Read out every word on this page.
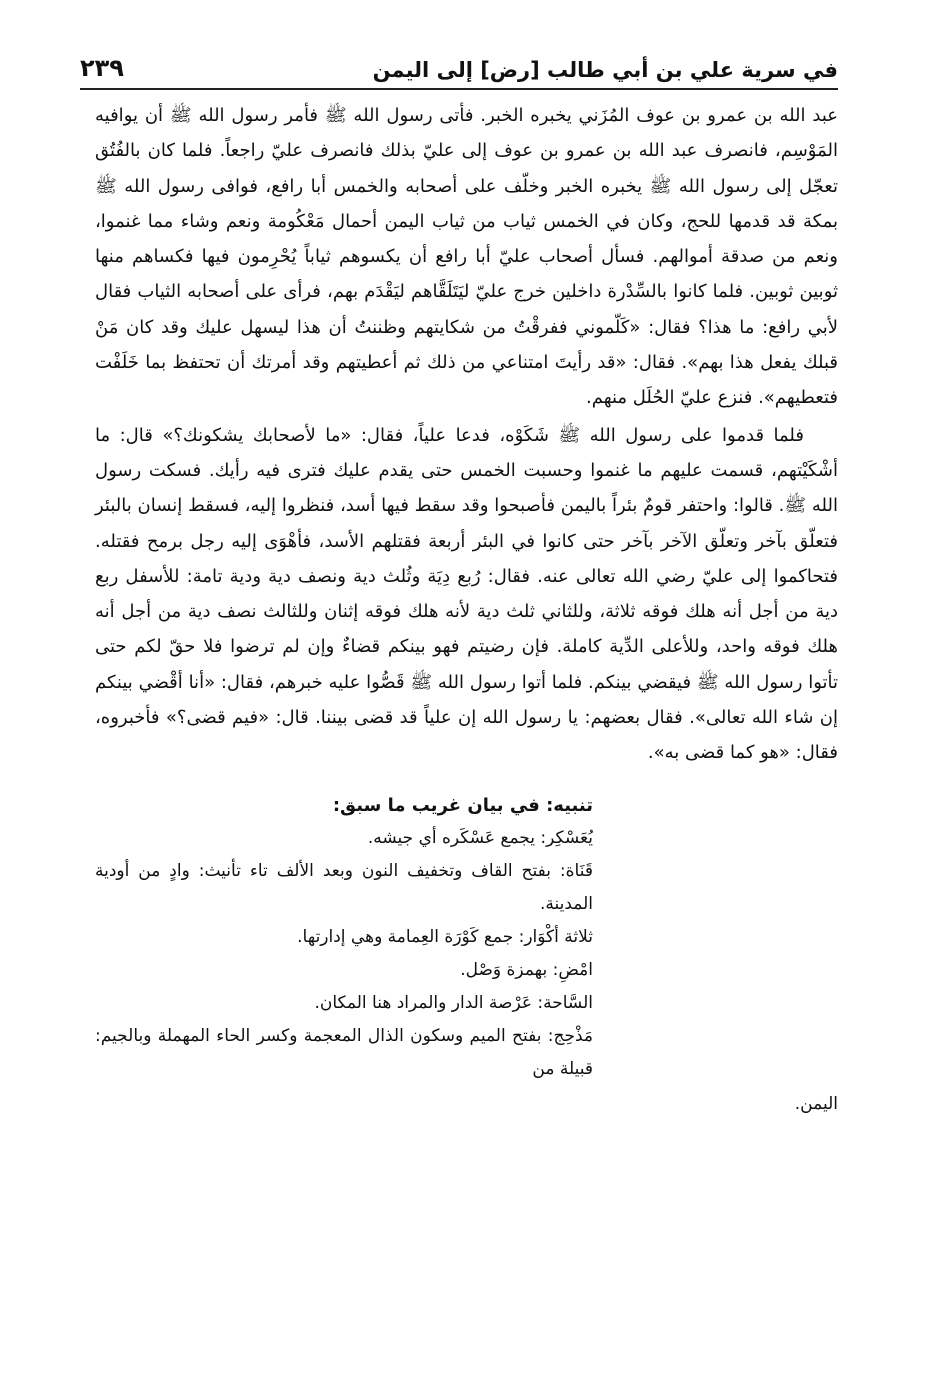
في سرية علي بن أبي طالب [رض] إلى اليمن
٢٣٩

عبد الله بن عمرو بن عوف المُزَني يخبره الخبر. فأتى رسول الله ﷺ فأمر رسول الله ﷺ أن يوافيه المَوْسِم، فانصرف عبد الله بن عمرو بن عوف إلى عليّ بذلك فانصرف عليّ راجعاً. فلما كان بالفُتُق تعجّل إلى رسول الله ﷺ يخبره الخبر وخلّف على أصحابه والخمس أبا رافع، فوافى رسول الله ﷺ بمكة قد قدمها للحج، وكان في الخمس ثياب من ثياب اليمن أحمال مَعْكُومة ونعم وشاء مما غنموا، ونعم من صدقة أموالهم. فسأل أصحاب عليّ أبا رافع أن يكسوهم ثياباً يُحْرِمون فيها فكساهم منها ثوبين ثوبين. فلما كانوا بالسِّدْرة داخلين خرج عليّ ليَتَلَقَّاهم ليَقْدَم بهم، فرأى على أصحابه الثياب فقال لأبي رافع: ما هذا؟ فقال: «كَلّموني ففرقْتُ من شكايتهم وظننتُ أن هذا ليسهل عليك وقد كان مَنْ قبلك يفعل هذا بهم». فقال: «قد رأيتَ امتناعي من ذلك ثم أعطيتهم وقد أمرتك أن تحتفظ بما خَلَفْت فتعطيهم». فنزع عليّ الحُلَل منهم.

فلما قدموا على رسول الله ﷺ شَكَوْه، فدعا علياً، فقال: «ما لأصحابك يشكونك؟» قال: ما أشْكَيْتهم، قسمت عليهم ما غنموا وحسبت الخمس حتى يقدم عليك فترى فيه رأيك. فسكت رسول الله ﷺ. قالوا: واحتفر قومٌ بئراً باليمن فأصبحوا وقد سقط فيها أسد، فنظروا إليه، فسقط إنسان بالبئر فتعلّق بآخر وتعلّق الآخر بآخر حتى كانوا في البئر أربعة فقتلهم الأسد، فأهْوَى إليه رجل برمح فقتله. فتحاكموا إلى عليّ رضي الله تعالى عنه. فقال: رُبع دِيَة وثُلث دية ونصف دية ودية تامة: للأسفل ربع دية من أجل أنه هلك فوقه ثلاثة، وللثاني ثلث دية لأنه هلك فوقه إثنان وللثالث نصف دية من أجل أنه هلك فوقه واحد، وللأعلى الدِّية كاملة. فإن رضيتم فهو بينكم قضاءٌ وإن لم ترضوا فلا حقّ لكم حتى تأتوا رسول الله ﷺ فيقضي بينكم. فلما أتوا رسول الله ﷺ قَصُّوا عليه خبرهم، فقال: «أنا أقْضي بينكم إن شاء الله تعالى». فقال بعضهم: يا رسول الله إن علياً قد قضى بيننا. قال: «فيم قضى؟» فأخبروه، فقال: «هو كما قضى به».

تنبيه: في بيان غريب ما سبق:

يُعَسْكِر: يجمع عَسْكَره أي جيشه.

قَنَاة: بفتح القاف وتخفيف النون وبعد الألف تاء تأنيث: وادٍ من أودية المدينة.

ثلاثة أكْوَار: جمع كَوْرَة العِمامة وهي إدارتها.

امْضِ: بهمزة وَصْل.

السَّاحة: عَرْصة الدار والمراد هنا المكان.

مَذْحِج: بفتح الميم وسكون الذال المعجمة وكسر الحاء المهملة وبالجيم: قبيلة من

اليمن.
